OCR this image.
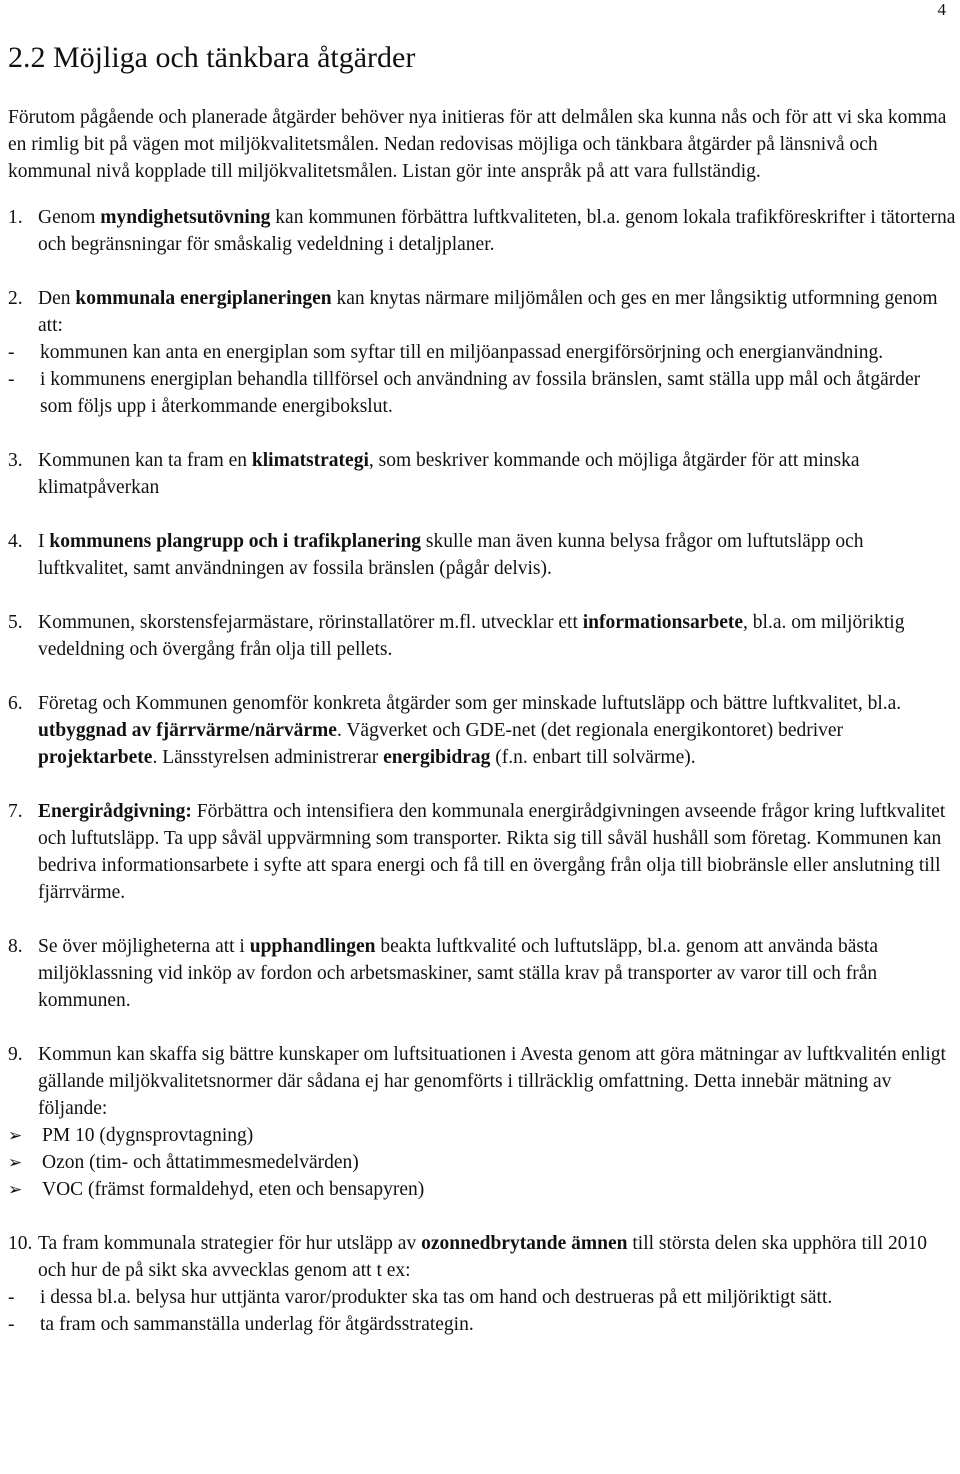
4
2.2 Möjliga och tänkbara åtgärder

Förutom pågående och planerade åtgärder behöver nya initieras för att delmålen ska kunna nås och för att vi ska komma en rimlig bit på vägen mot miljökvalitetsmålen. Nedan redovisas möjliga och tänkbara åtgärder på länsnivå och kommunal nivå kopplade till miljökvalitetsmålen. Listan gör inte anspråk på att vara fullständig.

1. Genom myndighetsutövning kan kommunen förbättra luftkvaliteten, bl.a. genom lokala trafikföreskrifter i tätorterna och begränsningar för småskalig vedeldning i detaljplaner.
2. Den kommunala energiplaneringen kan knytas närmare miljömålen och ges en mer långsiktig utformning genom att:
-	kommunen kan anta en energiplan som syftar till en miljöanpassad energiförsörjning och energianvändning.
-	i kommunens energiplan behandla tillförsel och användning av fossila bränslen, samt ställa upp mål och åtgärder som följs upp i återkommande energibokslut.
3. Kommunen kan ta fram en klimatstrategi, som beskriver kommande och möjliga åtgärder för att minska klimatpåverkan
4. I kommunens plangrupp och i trafikplanering skulle man även kunna belysa frågor om luftutsläpp och luftkvalitet, samt användningen av fossila bränslen (pågår delvis).
5. Kommunen, skorstensfejarmästare, rörinstallatörer m.fl. utvecklar ett informationsarbete, bl.a. om miljöriktig vedeldning och övergång från olja till pellets.
6. Företag och Kommunen genomför konkreta åtgärder som ger minskade luftutsläpp och bättre luftkvalitet, bl.a. utbyggnad av fjärrvärme/närvärme. Vägverket och GDE-net (det regionala energikontoret) bedriver projektarbete. Länsstyrelsen administrerar energibidrag (f.n. enbart till solvärme).
7. Energirådgivning: Förbättra och intensifiera den kommunala energirådgivningen avseende frågor kring luftkvalitet och luftutsläpp. Ta upp såväl uppvärmning som transporter. Rikta sig till såväl hushåll som företag. Kommunen kan bedriva informationsarbete i syfte att spara energi och få till en övergång från olja till biobränsle eller anslutning till fjärrvärme.
8. Se över möjligheterna att i upphandlingen beakta luftkvalité och luftutsläpp, bl.a. genom att använda bästa miljöklassning vid inköp av fordon och arbetsmaskiner, samt ställa krav på transporter av varor till och från kommunen.
9. Kommun kan skaffa sig bättre kunskaper om luftsituationen i Avesta genom att göra mätningar av luftkvalitén enligt gällande miljökvalitetsnormer där sådana ej har genomförts i tillräcklig omfattning. Detta innebär mätning av följande:
➢	PM 10 (dygnsprovtagning)
➢	Ozon (tim- och åttatimmesmedelvärden)
➢	VOC (främst formaldehyd, eten och bensapyren)
10. Ta fram kommunala strategier för hur utsläpp av ozonnedbrytande ämnen till största delen ska upphöra till 2010 och hur de på sikt ska avvecklas genom att t ex:
-	i dessa bl.a. belysa hur uttjänta varor/produkter ska tas om hand och destrueras på ett miljöriktigt sätt.
-	ta fram och sammanställa underlag för åtgärdsstrategin.
